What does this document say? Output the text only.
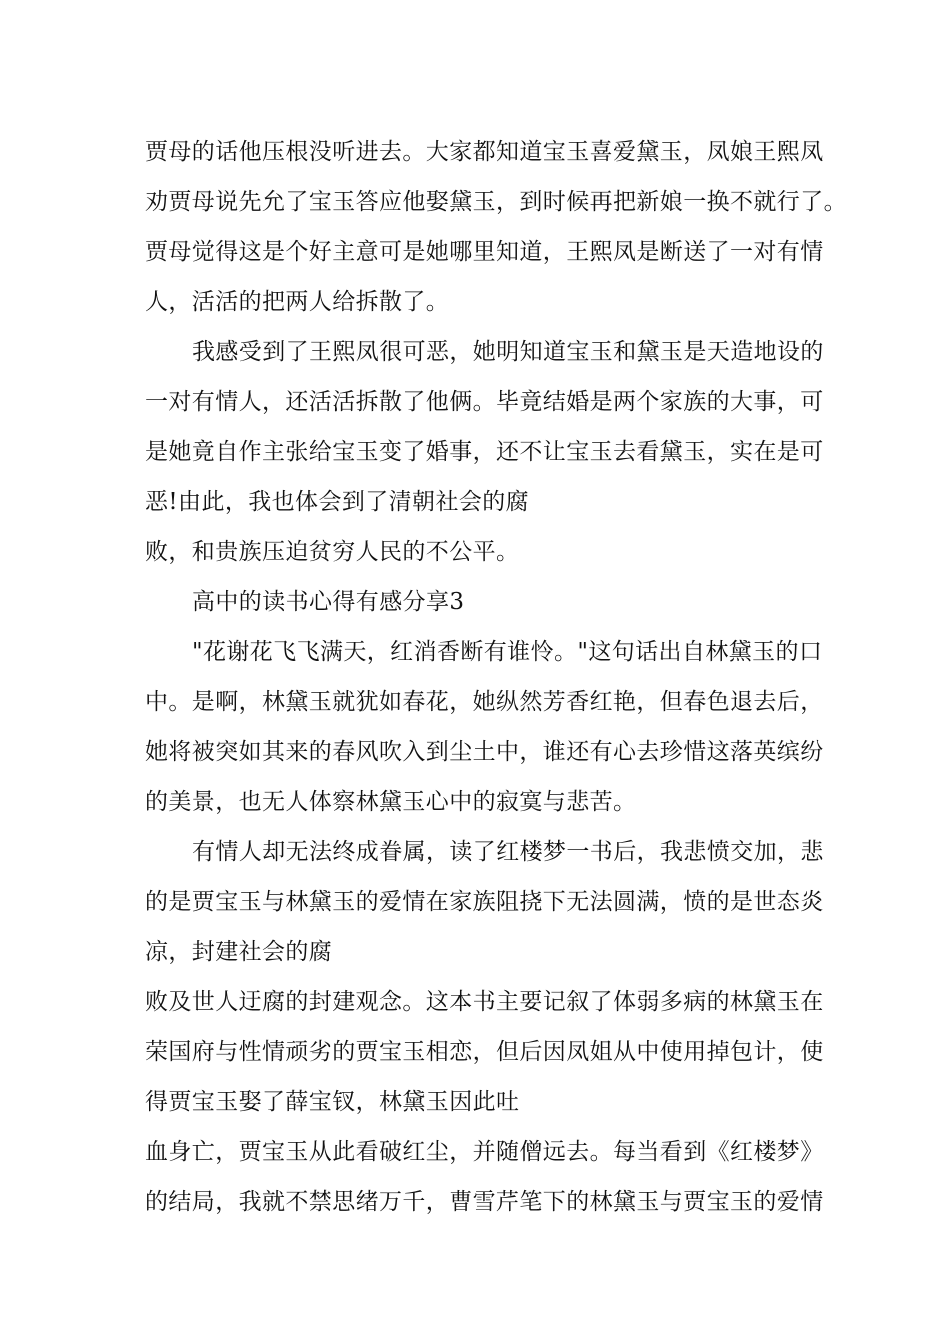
贾母的话他压根没听进去。大家都知道宝玉喜爱黛玉，凤娘王熙凤
劝贾母说先允了宝玉答应他娶黛玉，到时候再把新娘一换不就行了。
贾母觉得这是个好主意可是她哪里知道，王熙凤是断送了一对有情
人，活活的把两人给拆散了。
我感受到了王熙凤很可恶，她明知道宝玉和黛玉是天造地设的
一对有情人，还活活拆散了他俩。毕竟结婚是两个家族的大事，可
是她竟自作主张给宝玉变了婚事，还不让宝玉去看黛玉，实在是可
恶!由此，我也体会到了清朝社会的腐
败，和贵族压迫贫穷人民的不公平。
高中的读书心得有感分享3
"花谢花飞飞满天，红消香断有谁怜。"这句话出自林黛玉的口
中。是啊，林黛玉就犹如春花，她纵然芳香红艳，但春色退去后，
她将被突如其来的春风吹入到尘土中，谁还有心去珍惜这落英缤纷
的美景，也无人体察林黛玉心中的寂寞与悲苦。
有情人却无法终成眷属，读了红楼梦一书后，我悲愤交加，悲
的是贾宝玉与林黛玉的爱情在家族阻挠下无法圆满，愤的是世态炎
凉，封建社会的腐
败及世人迂腐的封建观念。这本书主要记叙了体弱多病的林黛玉在
荣国府与性情顽劣的贾宝玉相恋，但后因凤姐从中使用掉包计，使
得贾宝玉娶了薛宝钗，林黛玉因此吐
血身亡，贾宝玉从此看破红尘，并随僧远去。每当看到《红楼梦》
的结局，我就不禁思绪万千，曹雪芹笔下的林黛玉与贾宝玉的爱情
